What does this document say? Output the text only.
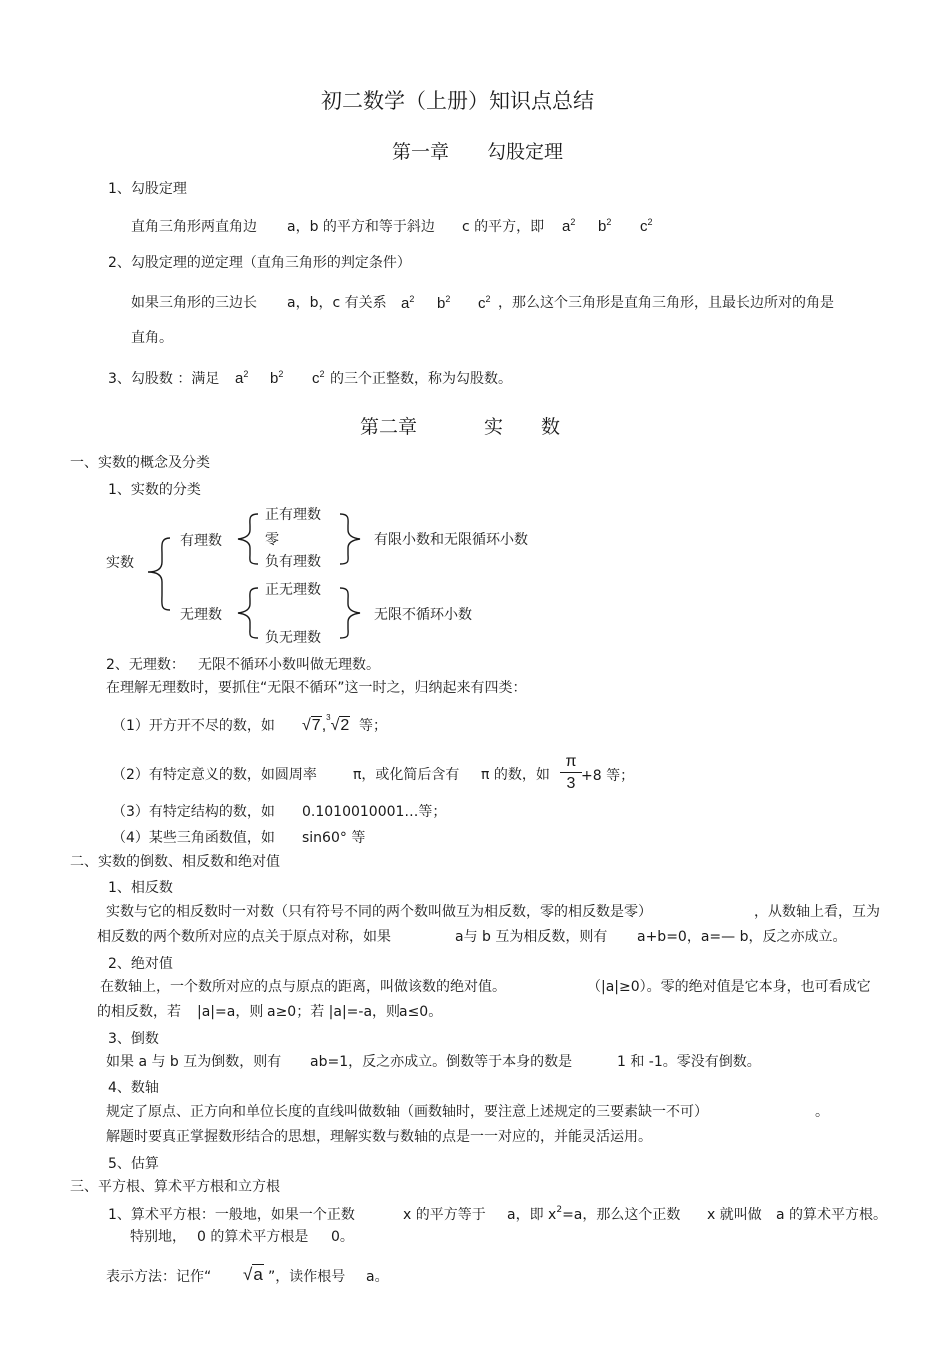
初二数学（上册）知识点总结
第一章　　勾股定理
1、勾股定理
直角三角形两直角边 a，b 的平方和等于斜边 c 的平方，即 $a^2$ $b^2$ $c^2$
2、勾股定理的逆定理（直角三角形的判定条件）
如果三角形的三边长 a，b，c 有关系 $a^2$ $b^2$ $c^2$ ，那么这个三角形是直角三角形，且最长边所对的角是
直角。
3、勾股数 ：满足 $a^2$ $b^2$ $c^2$ 的三个正整数，称为勾股数。
第二章	实 数
一、实数的概念及分类
1、实数的分类
实数
有理数
无理数
正有理数
零
负有理数
有限小数和无限循环小数
正无理数
负无理数
无限不循环小数
2、无理数： 无限不循环小数叫做无理数。
在理解无理数时，要抓住“无限不循环”这一时之，归纳起来有四类：
（1）开方开不尽的数，如 √7,$^3$√2 等；
（2）有特定意义的数，如圆周率	π，或化简后含有 π 的数，如 $\frac{\pi}{3} +8$ 等；
（3）有特定结构的数，如 0.1010010001…等；
（4）某些三角函数值，如 sin60° 等
二、实数的倒数、相反数和绝对值
1、相反数
实数与它的相反数时一对数（只有符号不同的两个数叫做互为相反数，零的相反数是零）	，从数轴上看，互为
相反数的两个数所对应的点关于原点对称，如果	a与 b 互为相反数，则有 a+b=0，a=— b，反之亦成立。
2、绝对值
在数轴上，一个数所对应的点与原点的距离，叫做该数的绝对值。	（|a|≥0）。零的绝对值是它本身，也可看成它
的相反数，若 |a|=a，则 a≥0；若 |a|=-a，则
a≤0。
3、倒数
如果 a 与 b 互为倒数，则有 ab=1，反之亦成立。倒数等于本身的数是	1 和 -1。零没有倒数。
4、数轴
规定了原点、正方向和单位长度的直线叫做数轴（画数轴时，要注意上述规定的三要素缺一不可）	。
解题时要真正掌握数形结合的思想，理解实数与数轴的点是一一对应的，并能灵活运用。
5、估算
三、平方根、算术平方根和立方根
1、算术平方根：一般地，如果一个正数	x 的平方等于 a，即 $x^2=a$，那么这个正数 x 就叫做 a 的算术平方根。
特别地， 0 的算术平方根是 0。
表示方法：记作“ √a ”，读作根号 a。
